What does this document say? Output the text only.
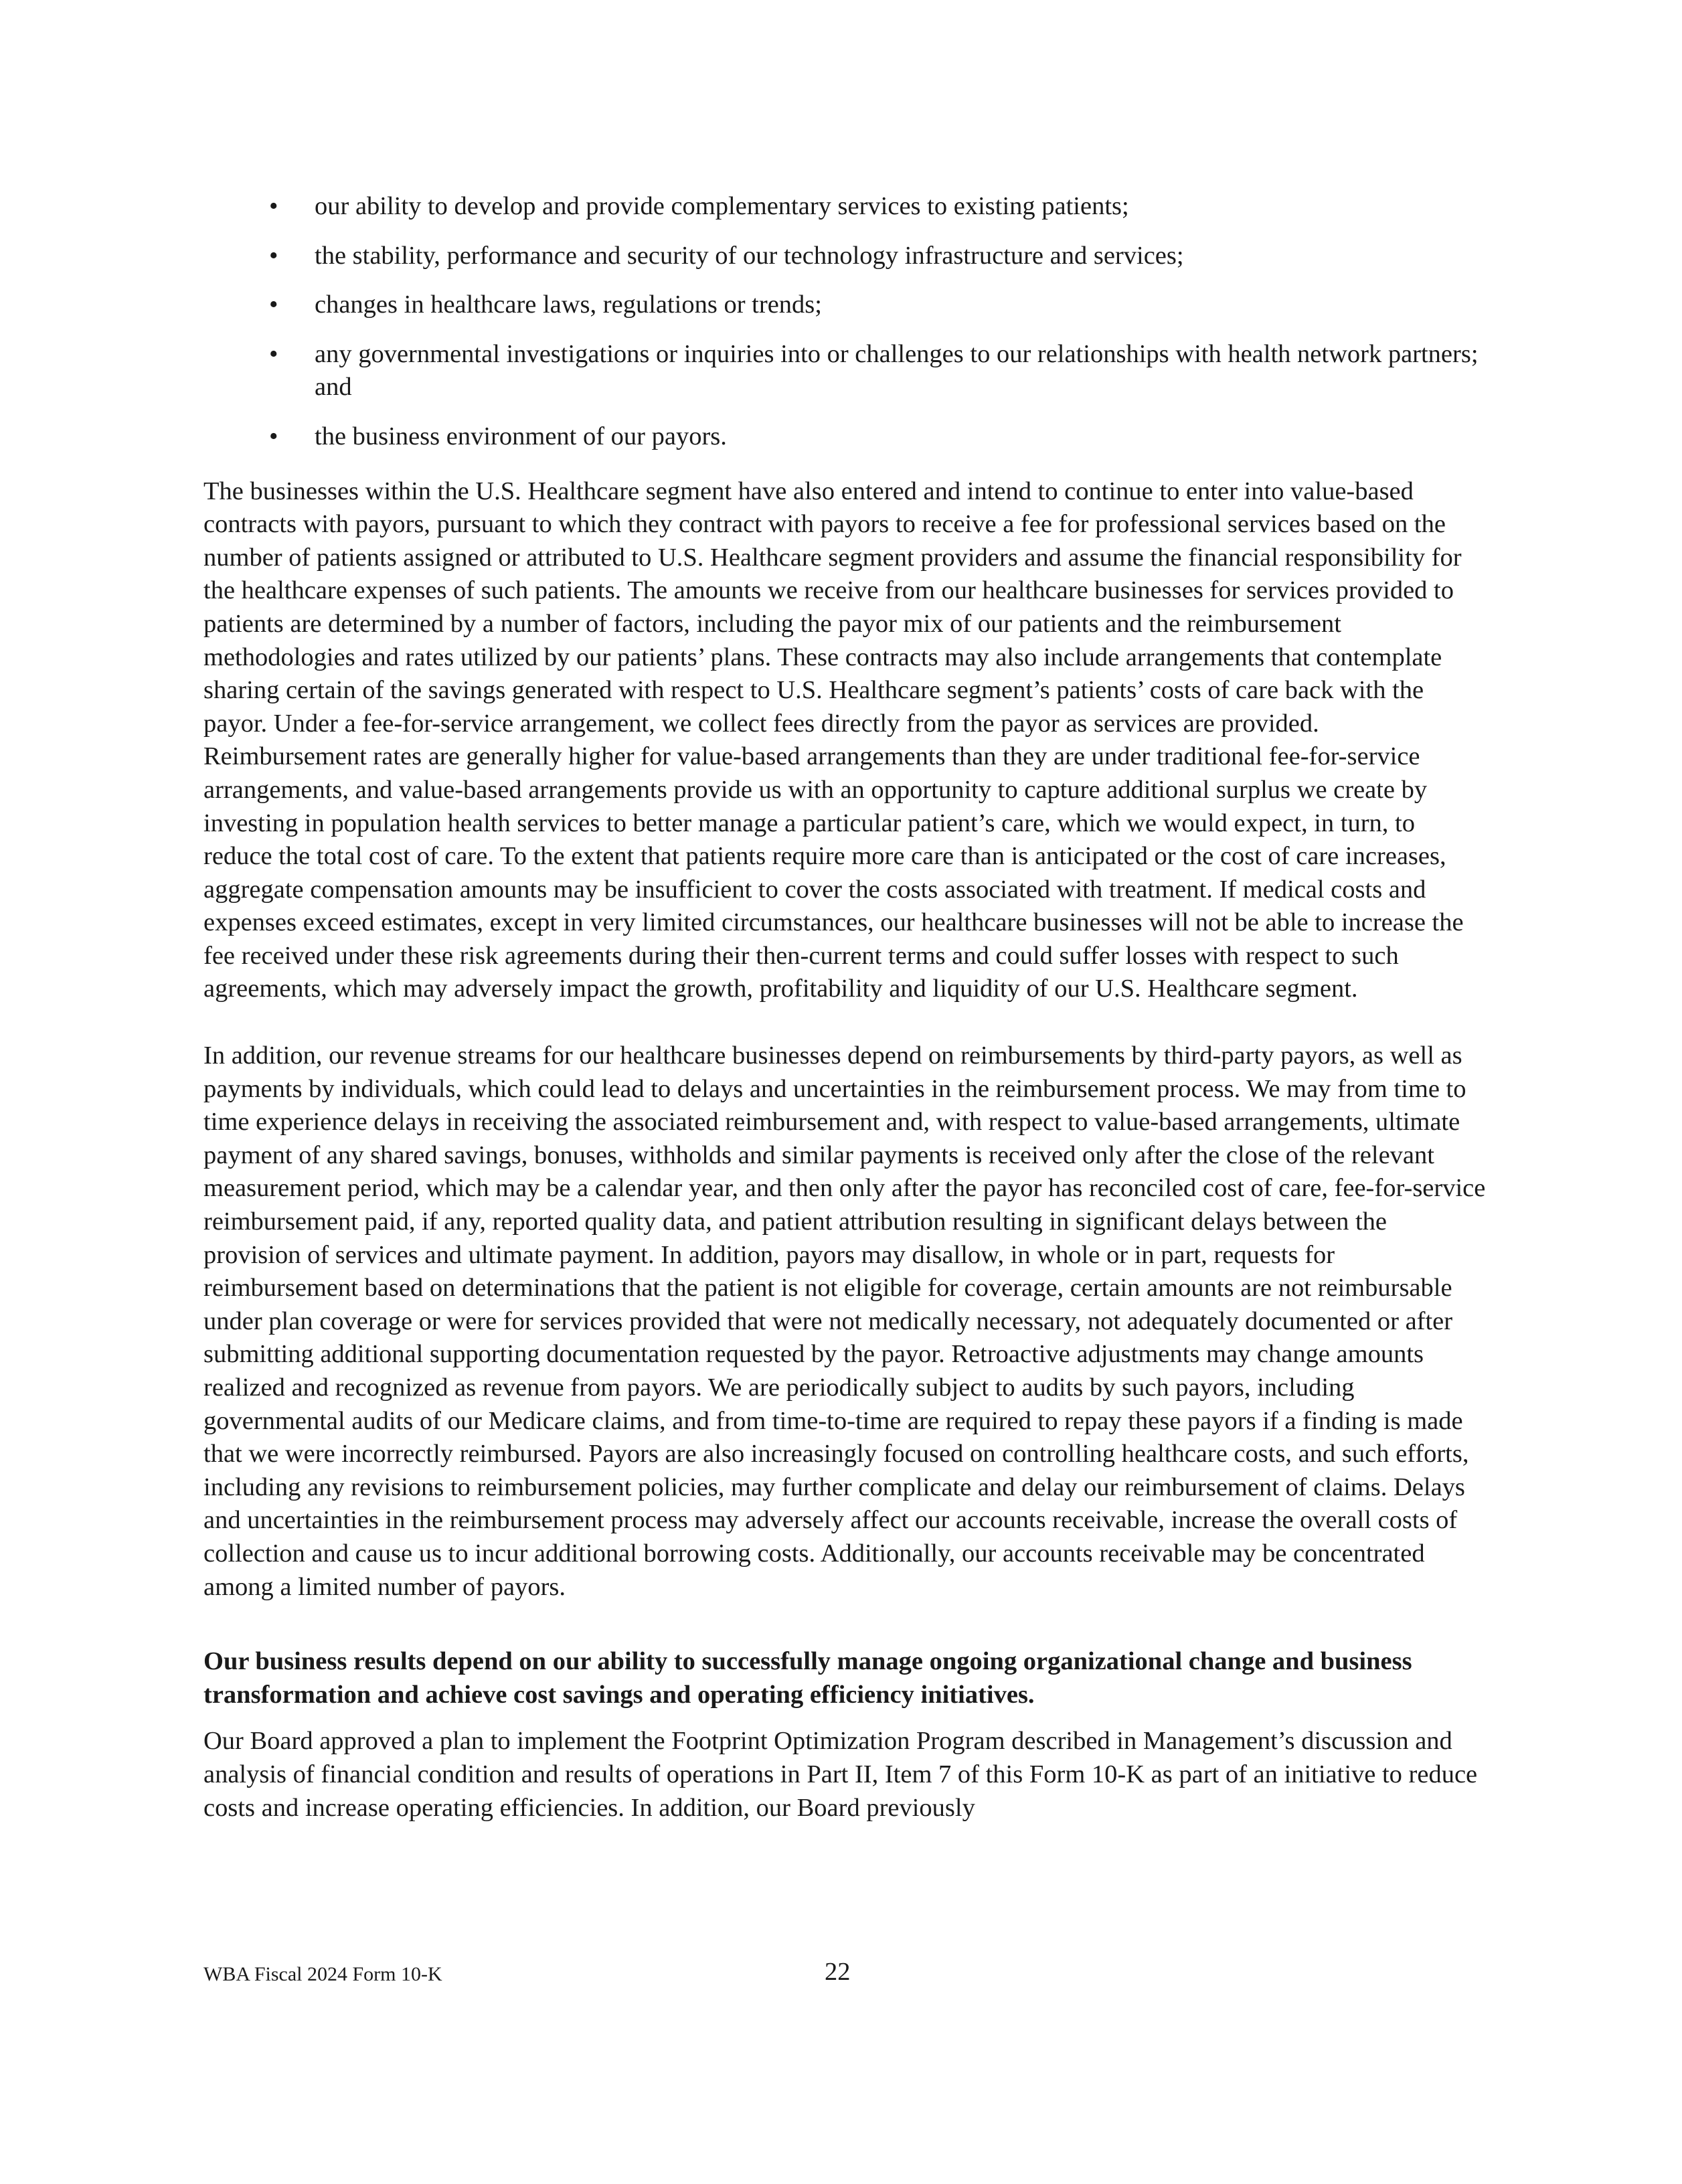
• our ability to develop and provide complementary services to existing patients;
• the stability, performance and security of our technology infrastructure and services;
• changes in healthcare laws, regulations or trends;
• any governmental investigations or inquiries into or challenges to our relationships with health network partners; and
• the business environment of our payors.

The businesses within the U.S. Healthcare segment have also entered and intend to continue to enter into value-based contracts with payors, pursuant to which they contract with payors to receive a fee for professional services based on the number of patients assigned or attributed to U.S. Healthcare segment providers and assume the financial responsibility for the healthcare expenses of such patients. The amounts we receive from our healthcare businesses for services provided to patients are determined by a number of factors, including the payor mix of our patients and the reimbursement methodologies and rates utilized by our patients’ plans. These contracts may also include arrangements that contemplate sharing certain of the savings generated with respect to U.S. Healthcare segment’s patients’ costs of care back with the payor. Under a fee-for-service arrangement, we collect fees directly from the payor as services are provided. Reimbursement rates are generally higher for value-based arrangements than they are under traditional fee-for-service arrangements, and value-based arrangements provide us with an opportunity to capture additional surplus we create by investing in population health services to better manage a particular patient’s care, which we would expect, in turn, to reduce the total cost of care. To the extent that patients require more care than is anticipated or the cost of care increases, aggregate compensation amounts may be insufficient to cover the costs associated with treatment. If medical costs and expenses exceed estimates, except in very limited circumstances, our healthcare businesses will not be able to increase the fee received under these risk agreements during their then-current terms and could suffer losses with respect to such agreements, which may adversely impact the growth, profitability and liquidity of our U.S. Healthcare segment.

In addition, our revenue streams for our healthcare businesses depend on reimbursements by third-party payors, as well as payments by individuals, which could lead to delays and uncertainties in the reimbursement process. We may from time to time experience delays in receiving the associated reimbursement and, with respect to value-based arrangements, ultimate payment of any shared savings, bonuses, withholds and similar payments is received only after the close of the relevant measurement period, which may be a calendar year, and then only after the payor has reconciled cost of care, fee-for-service reimbursement paid, if any, reported quality data, and patient attribution resulting in significant delays between the provision of services and ultimate payment. In addition, payors may disallow, in whole or in part, requests for reimbursement based on determinations that the patient is not eligible for coverage, certain amounts are not reimbursable under plan coverage or were for services provided that were not medically necessary, not adequately documented or after submitting additional supporting documentation requested by the payor. Retroactive adjustments may change amounts realized and recognized as revenue from payors. We are periodically subject to audits by such payors, including governmental audits of our Medicare claims, and from time-to-time are required to repay these payors if a finding is made that we were incorrectly reimbursed. Payors are also increasingly focused on controlling healthcare costs, and such efforts, including any revisions to reimbursement policies, may further complicate and delay our reimbursement of claims. Delays and uncertainties in the reimbursement process may adversely affect our accounts receivable, increase the overall costs of collection and cause us to incur additional borrowing costs. Additionally, our accounts receivable may be concentrated among a limited number of payors.

Our business results depend on our ability to successfully manage ongoing organizational change and business transformation and achieve cost savings and operating efficiency initiatives.

Our Board approved a plan to implement the Footprint Optimization Program described in Management’s discussion and analysis of financial condition and results of operations in Part II, Item 7 of this Form 10-K as part of an initiative to reduce costs and increase operating efficiencies. In addition, our Board previously

WBA Fiscal 2024 Form 10-K	22
